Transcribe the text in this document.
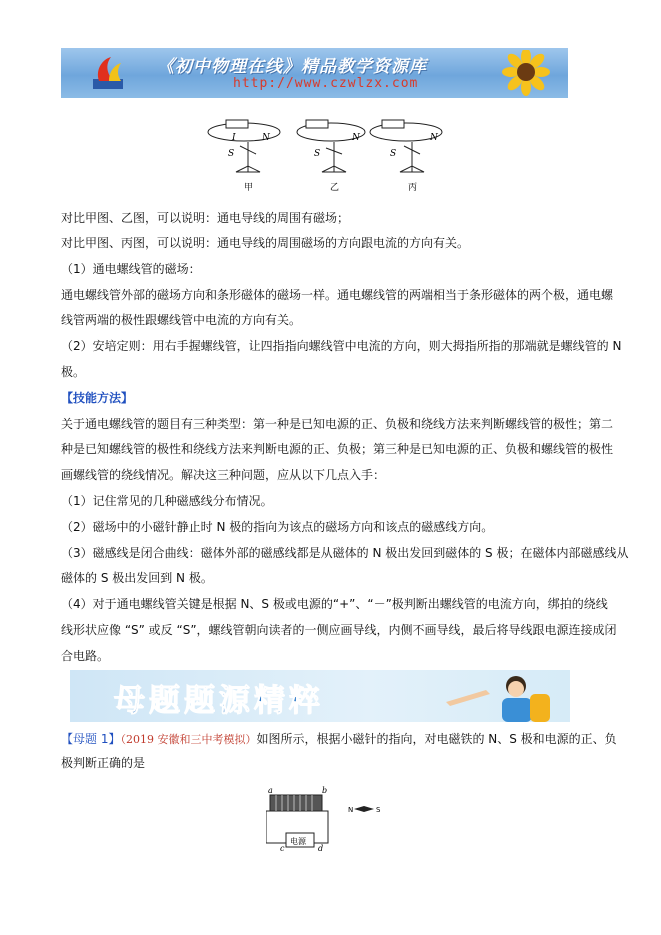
《初中物理在线》精品教学资源库
http://www.czwlzx.com
I
S
N
S
N
S
N
甲	乙	丙

对比甲图、乙图，可以说明：通电导线的周围有磁场；

对比甲图、丙图，可以说明：通电导线的周围磁场的方向跟电流的方向有关。

（1）通电螺线管的磁场：

通电螺线管外部的磁场方向和条形磁体的磁场一样。通电螺线管的两端相当于条形磁体的两个极，通电螺

线管两端的极性跟螺线管中电流的方向有关。

（2）安培定则：用右手握螺线管，让四指指向螺线管中电流的方向，则大拇指所指的那端就是螺线管的 N

极。

【技能方法】

关于通电螺线管的题目有三种类型：第一种是已知电源的正、负极和绕线方法来判断螺线管的极性；第二

种是已知螺线管的极性和绕线方法来判断电源的正、负极；第三种是已知电源的正、负极和螺线管的极性

画螺线管的绕线情况。解决这三种问题，应从以下几点入手：

（1）记住常见的几种磁感线分布情况。

（2）磁场中的小磁针静止时 N 极的指向为该点的磁场方向和该点的磁感线方向。

（3）磁感线是闭合曲线：磁体外部的磁感线都是从磁体的 N 极出发回到磁体的 S 极；在磁体内部磁感线从

磁体的 S 极出发回到 N 极。

（4）对于通电螺线管关键是根据 N、S 极或电源的“+”、“－”极判断出螺线管的电流方向，绑拍的绕线

线形状应像 “S” 或反 “S”，螺线管朝向读者的一侧应画导线，内侧不画导线，最后将导线跟电源连接成闭

合电路。

母题题源精粹

【母题 1】（2019 安徽和三中考模拟）如图所示，根据小磁针的指向，对电磁铁的 N、S 极和电源的正、负

极判断正确的是

a	b
c	d
电源
N	S
